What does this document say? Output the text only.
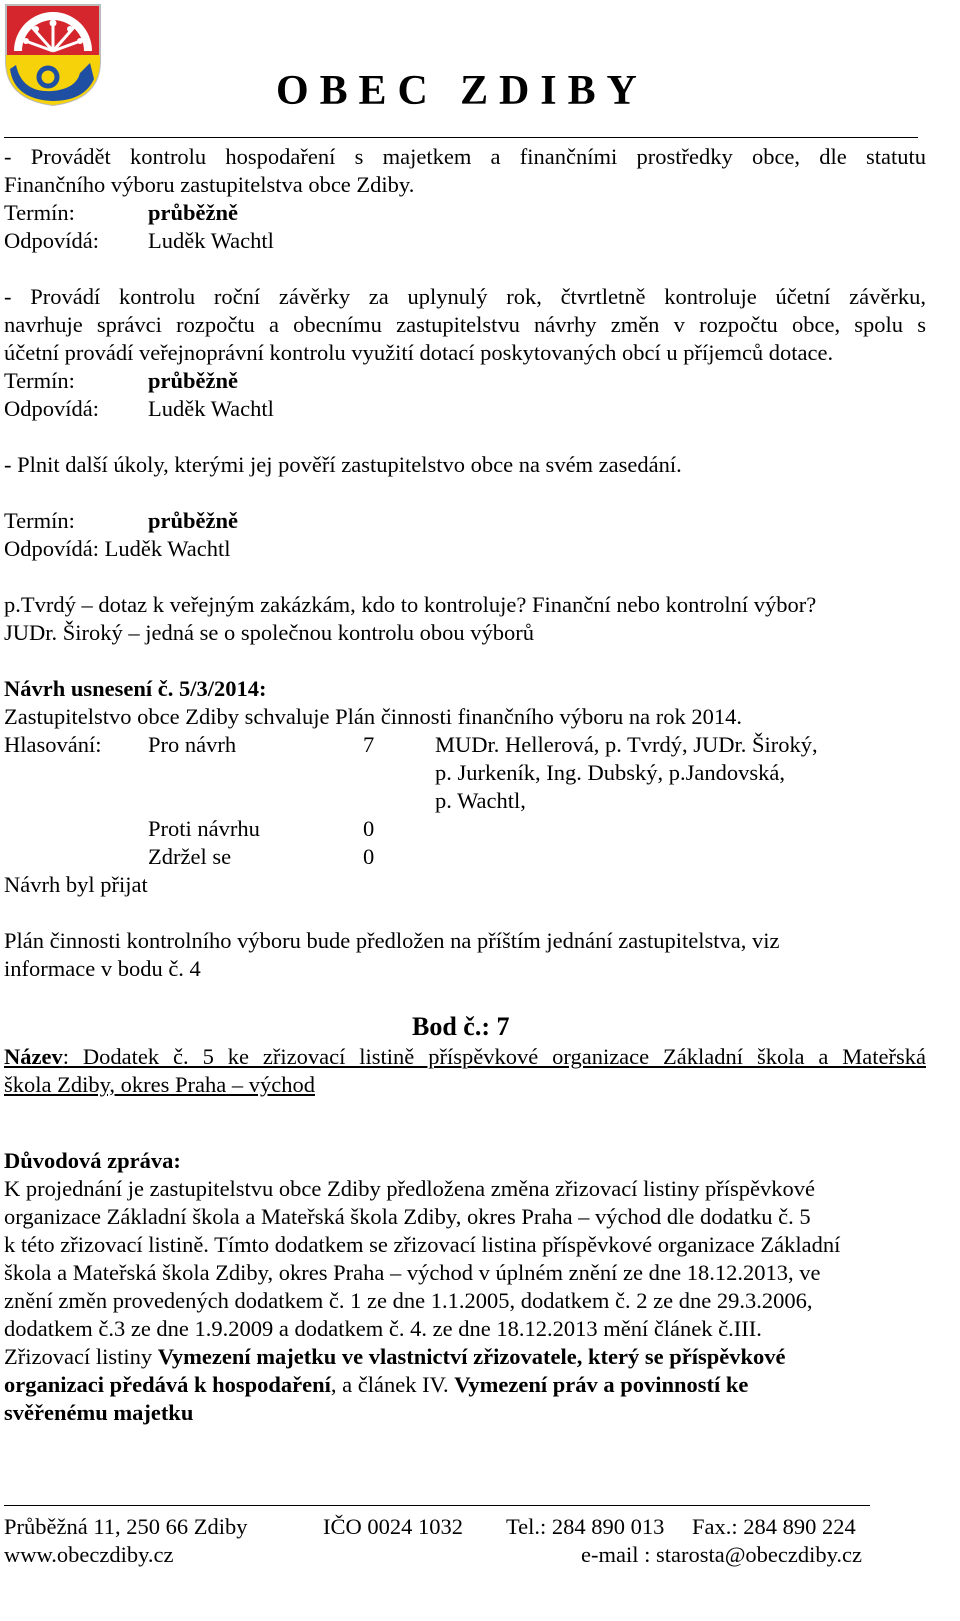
OBEC ZDIBY
- Provádět kontrolu hospodaření s majetkem a finančními prostředky obce, dle statutu
Finančního výboru zastupitelstva obce Zdiby.
Termín:	průběžně
Odpovídá: Luděk Wachtl
- Provádí kontrolu roční závěrky za uplynulý rok, čtvrtletně kontroluje účetní závěrku,
navrhuje správci rozpočtu a obecnímu zastupitelstvu návrhy změn v rozpočtu obce, spolu s
účetní provádí veřejnoprávní kontrolu využití dotací poskytovaných obcí u příjemců dotace.
Termín:	průběžně
Odpovídá: Luděk Wachtl
- Plnit další úkoly, kterými jej pověří zastupitelstvo obce na svém zasedání.
Termín:	průběžně
Odpovídá: Luděk Wachtl
p.Tvrdý – dotaz k veřejným zakázkám, kdo to kontroluje? Finanční nebo kontrolní výbor?
JUDr. Široký – jedná se o společnou kontrolu obou výborů
Návrh usnesení č. 5/3/2014:
Zastupitelstvo obce Zdiby schvaluje Plán činnosti finančního výboru na rok 2014.
Hlasování: Pro návrh	7	MUDr. Hellerová, p. Tvrdý, JUDr. Široký,
p. Jurkeník, Ing. Dubský, p.Jandovská,
p. Wachtl,
Proti návrhu	0
Zdržel se	0
Návrh byl přijat
Plán činnosti kontrolního výboru bude předložen na příštím jednání zastupitelstva, viz
informace v bodu č. 4
Bod č.: 7
Název: Dodatek č. 5 ke zřizovací listině příspěvkové organizace Základní škola a Mateřská
škola Zdiby, okres Praha – východ
Důvodová zpráva:
K projednání je zastupitelstvu obce Zdiby předložena změna zřizovací listiny příspěvkové
organizace Základní škola a Mateřská škola Zdiby, okres Praha – východ dle dodatku č. 5
k této zřizovací listině. Tímto dodatkem se zřizovací listina příspěvkové organizace Základní
škola a Mateřská škola Zdiby, okres Praha – východ v úplném znění ze dne 18.12.2013, ve
znění změn provedených dodatkem č. 1 ze dne 1.1.2005, dodatkem č. 2 ze dne 29.3.2006,
dodatkem č.3 ze dne 1.9.2009 a dodatkem č. 4. ze dne 18.12.2013 mění článek č.III.
Zřizovací listiny Vymezení majetku ve vlastnictví zřizovatele, který se příspěvkové
organizaci předává k hospodaření, a článek IV. Vymezení práv a povinností ke
svěřenému majetku
Průběžná 11, 250 66 Zdiby	IČO 0024 1032 Tel.: 284 890 013 Fax.: 284 890 224
www.obeczdiby.cz	e-mail : starosta@obeczdiby.cz
